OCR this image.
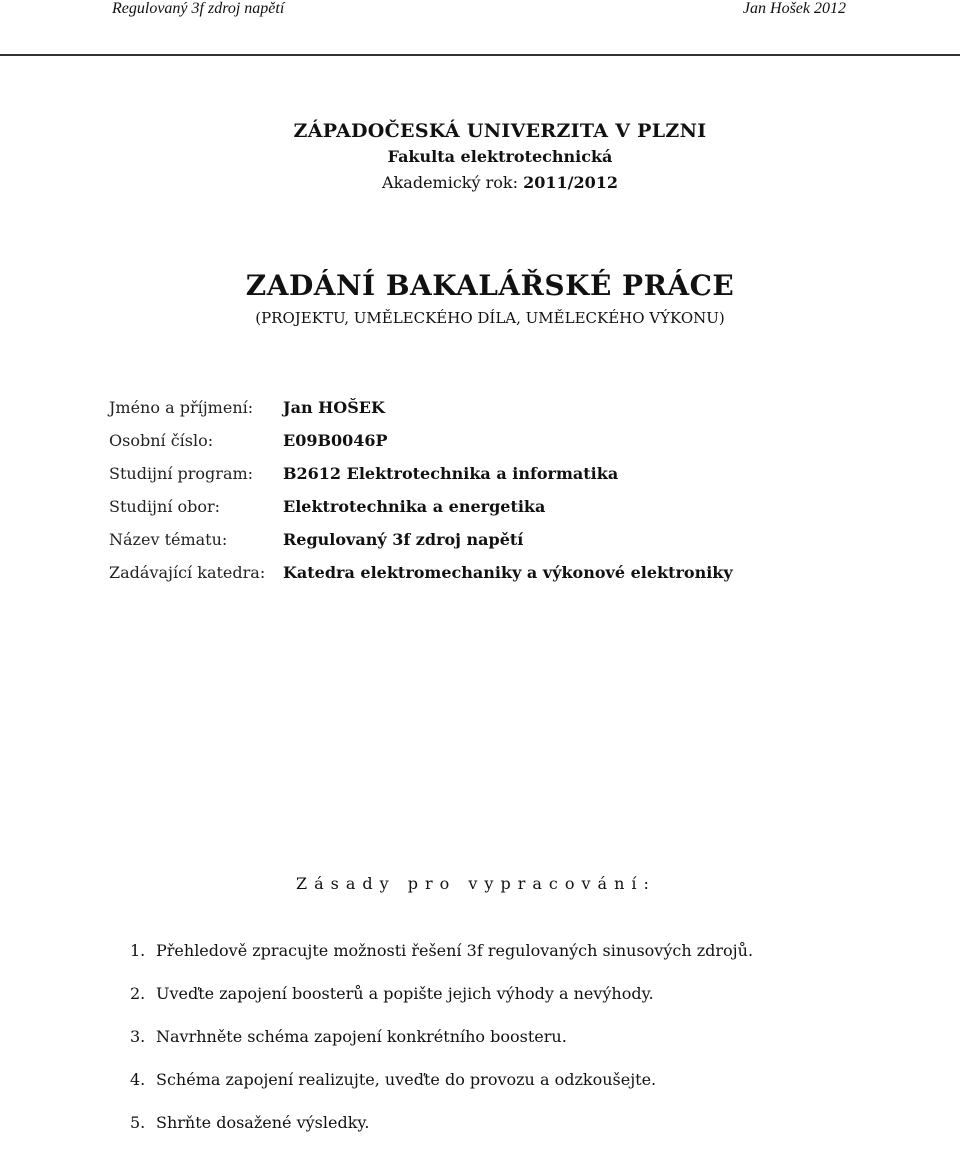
Regulovaný 3f zdroj napětí	Jan Hošek 2012
ZÁPADOČESKÁ UNIVERZITA V PLZNI
Fakulta elektrotechnická
Akademický rok: 2011/2012
ZADÁNÍ BAKALÁŘSKÉ PRÁCE
(PROJEKTU, UMĚLECKÉHO DÍLA, UMĚLECKÉHO VÝKONU)
Jméno a příjmení:	Jan HOŠEK
Osobní číslo:	E09B0046P
Studijní program:	B2612 Elektrotechnika a informatika
Studijní obor:	Elektrotechnika a energetika
Název tématu:	Regulovaný 3f zdroj napětí
Zadávající katedra:	Katedra elektromechaniky a výkonové elektroniky
Zásady pro vypracování:
1. Přehledově zpracujte možnosti řešení 3f regulovaných sinusových zdrojů.
2. Uveďte zapojení boosterů a popište jejich výhody a nevýhody.
3. Navrhněte schéma zapojení konkrétního boosteru.
4. Schéma zapojení realizujte, uveďte do provozu a odzkoušejte.
5. Shrňte dosažené výsledky.
